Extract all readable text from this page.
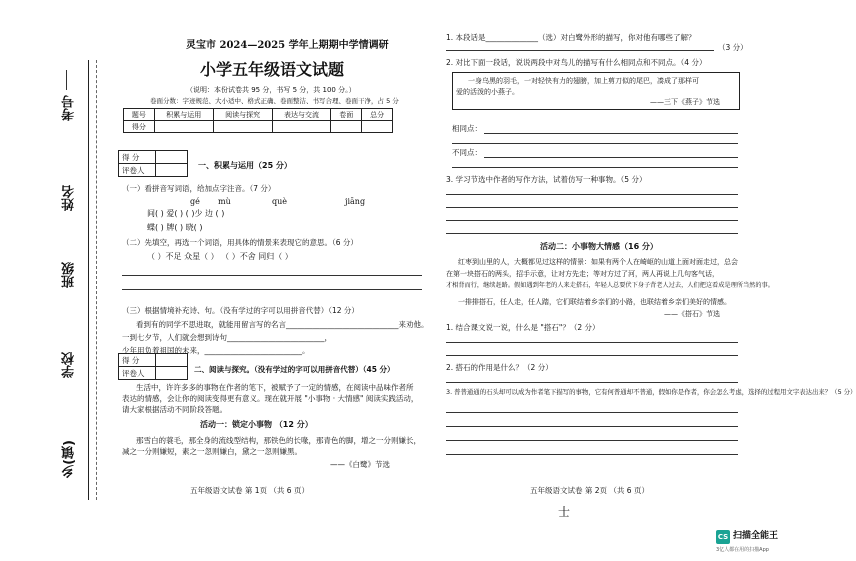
考号
姓名
班级
学校
乡(镇)
灵宝市 2024—2025 学年上期期中学情调研
小学五年级语文试题
（说明：本份试卷共 95 分，书写 5 分，共 100 分。）
卷面分数：字迹规范、大小适中、格式正确、卷面整洁、书写合理、卷面干净，占 5 分
题号	积累与运用	阅读与探究	表达与交流	卷面	总分
得分					
得 分	
评卷人		一、积累与运用（25 分）
（一）看拼音写词语，给加点字注音。（7 分）
gé mù	què	jiāng
间( ) 爱( ) ( )少 边 ( )
蝶( ) 牌( ) 晓( )
（二）先填空，再选一个词语，用具体的情景来表现它的意思。（6 分）
（ ）不足 众星（ ） （ ）不舍 同归（ ）
（三）根据情境补充诗、句。（没有学过的字可以用拼音代替）（12 分）
看到有的同学不思进取，就能用留言写的名言______________________________来劝他。
一到七夕节，人们就会想到诗句__________________________，
少年用负着祖国的未来，__________________________。
得 分	
评卷人		二、阅读与探究。（没有学过的字可以用拼音代替）（45 分）
生活中，许许多多的事物在作者的笔下，被赋予了一定的情感，在阅读中品味作者所
表达的情感，会让你的阅读变得更有意义。现在就开展 "小事物 · 大情感" 阅读实践活动，
请大家根据活动不同阶段答题。
活动一：锁定小事物 （12 分）
那雪白的蓑毛，那全身的流线型结构，那铁色的长喙，那青色的脚，增之一分则嫌长，
减之一分则嫌短，素之一忽则嫌白，黛之一忽则嫌黑。
——《白鹭》节选
五年级语文试卷 第 1页 （共 6 页）
1. 本段话是______________（选）对白鹭外形的描写，你对他有哪些了解？
（3 分）
2. 对比下面一段话，说说两段中对鸟儿的描写有什么相同点和不同点。（4 分）
一身乌黑的羽毛，一对轻快有力的翅膀，加上剪刀似的尾巴，凑成了那样可
爱的活泼的小燕子。
——三下《燕子》节选
相同点：
不同点：
3. 学习节选中作者的写作方法，试着仿写一种事物。（5 分）
活动二：小事物大情感（16 分）
红枣到山里的人，大概都见过这样的情景：如果有两个人在崎岖的山道上面对面走过，总会
在第一块搭石的两头，招手示意，让对方先走；等对方过了河，两人再说上几句客气话，
才相背而行，继续赶路。假如遇到年老的人来走搭石，年轻人总要伏下身子背老人过去，人们把这看成是理所当然的事。
一排排搭石，任人走，任人踏，它们联结着乡亲们的小路，也联结着乡亲们美好的情感。
——《搭石》节选
1. 结合课文说一说，什么是 "搭石"？（2 分）
2. 搭石的作用是什么？（2 分）
3. 普普通通的石头却可以成为作者笔下描写的事物，它有何普通却不普通，假如你是作者，你会怎么考虑，选择的过程用文字表达出来？（5 分）
五年级语文试卷 第 2页 （共 6 页）
士
CS 扫描全能王
3亿人都在用的扫描App
